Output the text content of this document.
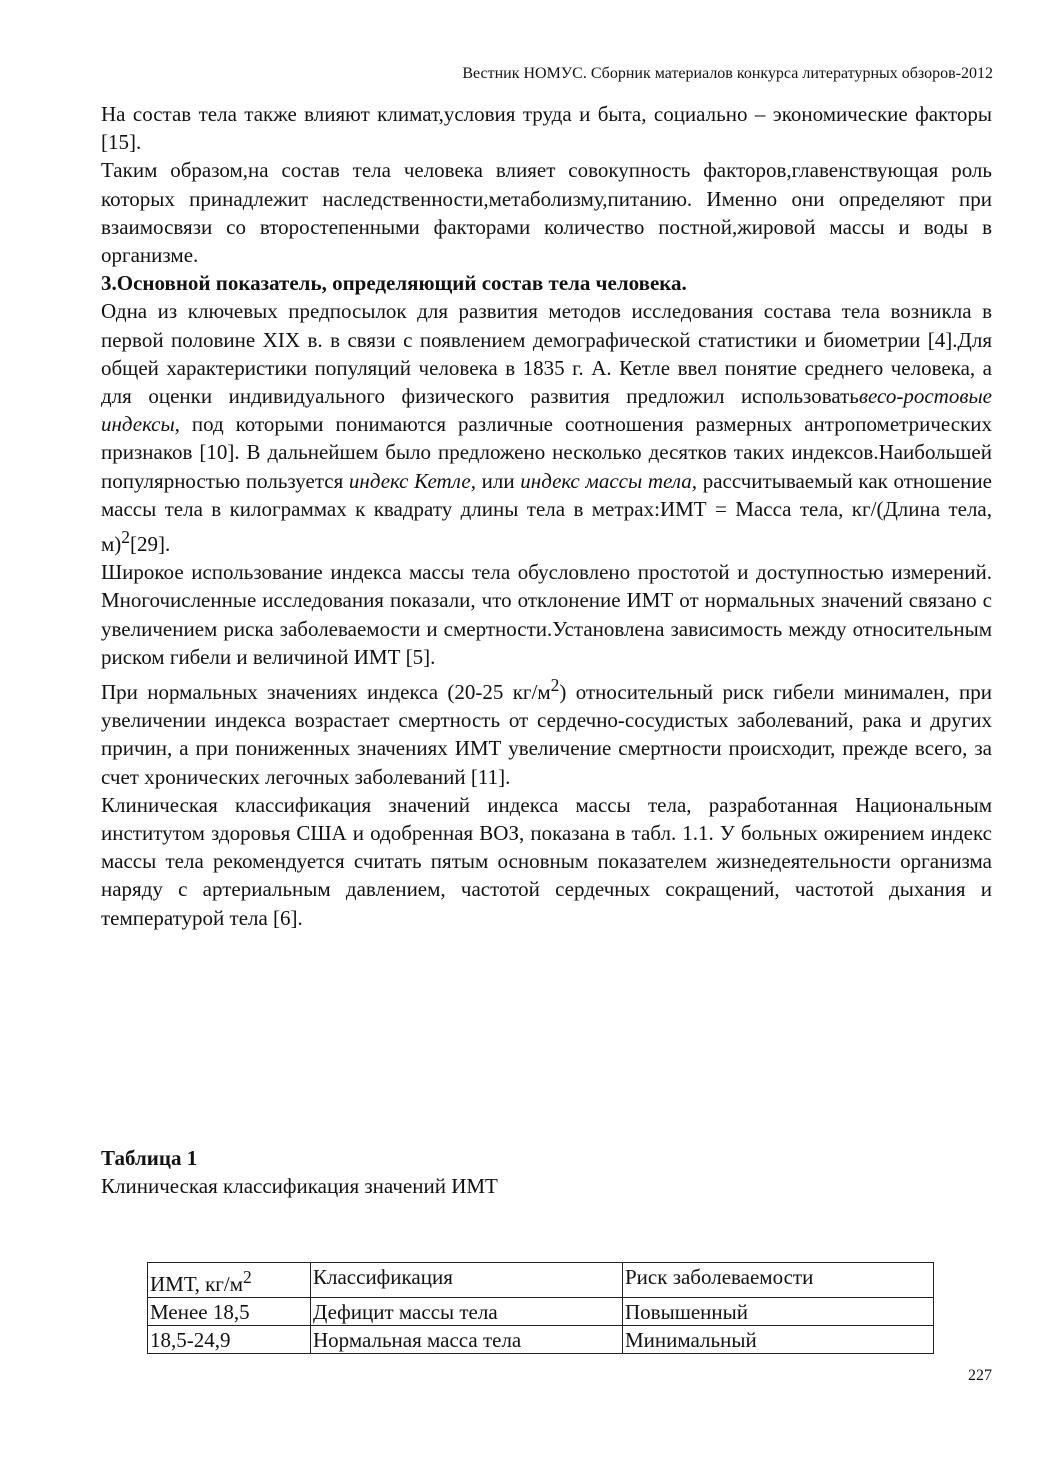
Вестник НОМУС. Сборник материалов конкурса литературных обзоров-2012

На состав тела также влияют климат,условия труда и быта, социально – экономические факторы [15].

Таким образом,на состав тела человека влияет совокупность факторов,главенствующая роль которых принадлежит наследственности,метаболизму,питанию. Именно они определяют при взаимосвязи со второстепенными факторами количество постной,жировой массы и воды в организме.

3.Основной показатель, определяющий состав тела человека.

Одна из ключевых предпосылок для развития методов исследования состава тела возникла в первой половине XIX в. в связи с появлением демографической статистики и биометрии [4].Для общей характеристики популяций человека в 1835 г. А. Кетле ввел понятие среднего человека, а для оценки индивидуального физического развития предложил использоватьвесо-ростовые индексы, под которыми понимаются различные соотношения размерных антропометрических признаков [10]. В дальнейшем было предложено несколько десятков таких индексов.Наибольшей популярностью пользуется индекс Кетле, или индекс массы тела, рассчитываемый как отношение массы тела в килограммах к квадрату длины тела в метрах:ИМТ = Масса тела, кг/(Длина тела, м)$^2$[29].

Широкое использование индекса массы тела обусловлено простотой и доступностью измерений. Многочисленные исследования показали, что отклонение ИМТ от нормальных значений связано с увеличением риска заболеваемости и смертности.Установлена зависимость между относительным риском гибели и величиной ИМТ [5].

При нормальных значениях индекса (20-25 $кг/м^2$) относительный риск гибели минимален, при увеличении индекса возрастает смертность от сердечно-сосудистых заболеваний, рака и других причин, а при пониженных значениях ИМТ увеличение смертности происходит, прежде всего, за счет хронических легочных заболеваний [11].

Клиническая классификация значений индекса массы тела, разработанная Национальным институтом здоровья США и одобренная ВОЗ, показана в табл. 1.1. У больных ожирением индекс массы тела рекомендуется считать пятым основным показателем жизнедеятельности организма наряду с артериальным давлением, частотой сердечных сокращений, частотой дыхания и температурой тела [6].

Таблица 1
Клиническая классификация значений ИМТ
ИМТ, $кг/м^2$	Классификация	Риск заболеваемости
Менее 18,5	Дефицит массы тела	Повышенный
18,5-24,9	Нормальная масса тела	Минимальный
227
